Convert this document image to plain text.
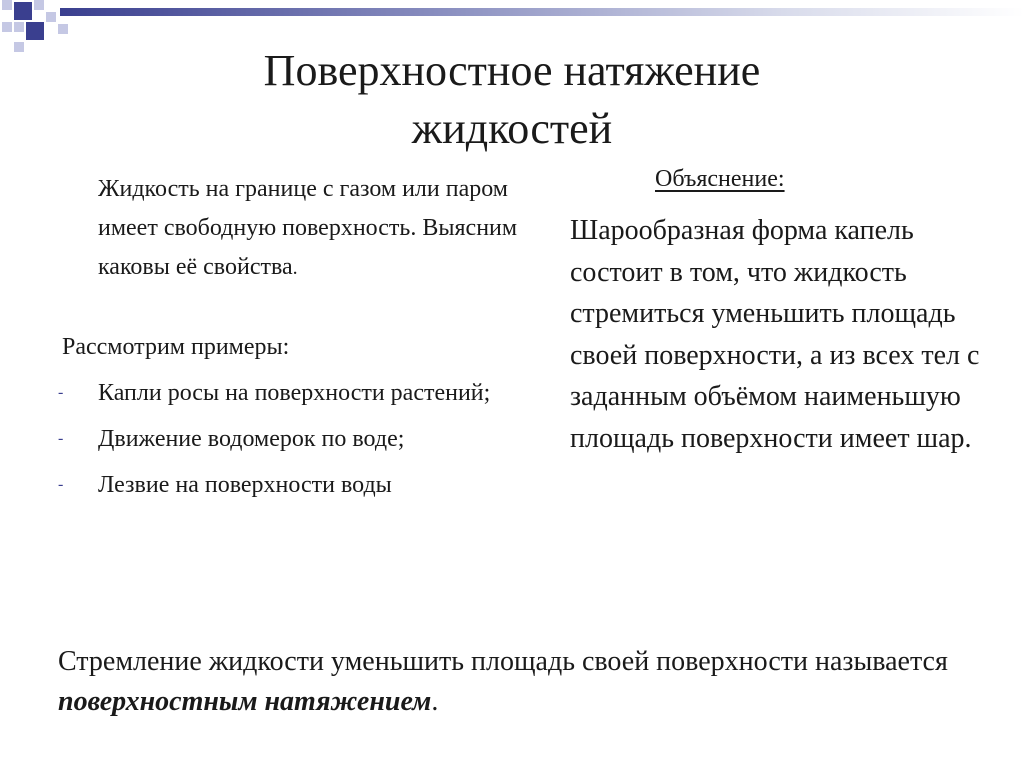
Поверхностное натяжение
жидкостей
Жидкость на границе с газом или паром имеет свободную поверхность. Выясним каковы её свойства.
Рассмотрим примеры:
- Капли росы на поверхности растений;
- Движение водомерок по воде;
- Лезвие на поверхности воды
Объяснение:
Шарообразная форма капель состоит в том, что жидкость стремиться уменьшить площадь своей поверхности, а из всех тел с заданным объёмом наименьшую площадь поверхности имеет шар.
Стремление жидкости уменьшить площадь своей поверхности называется поверхностным натяжением.
